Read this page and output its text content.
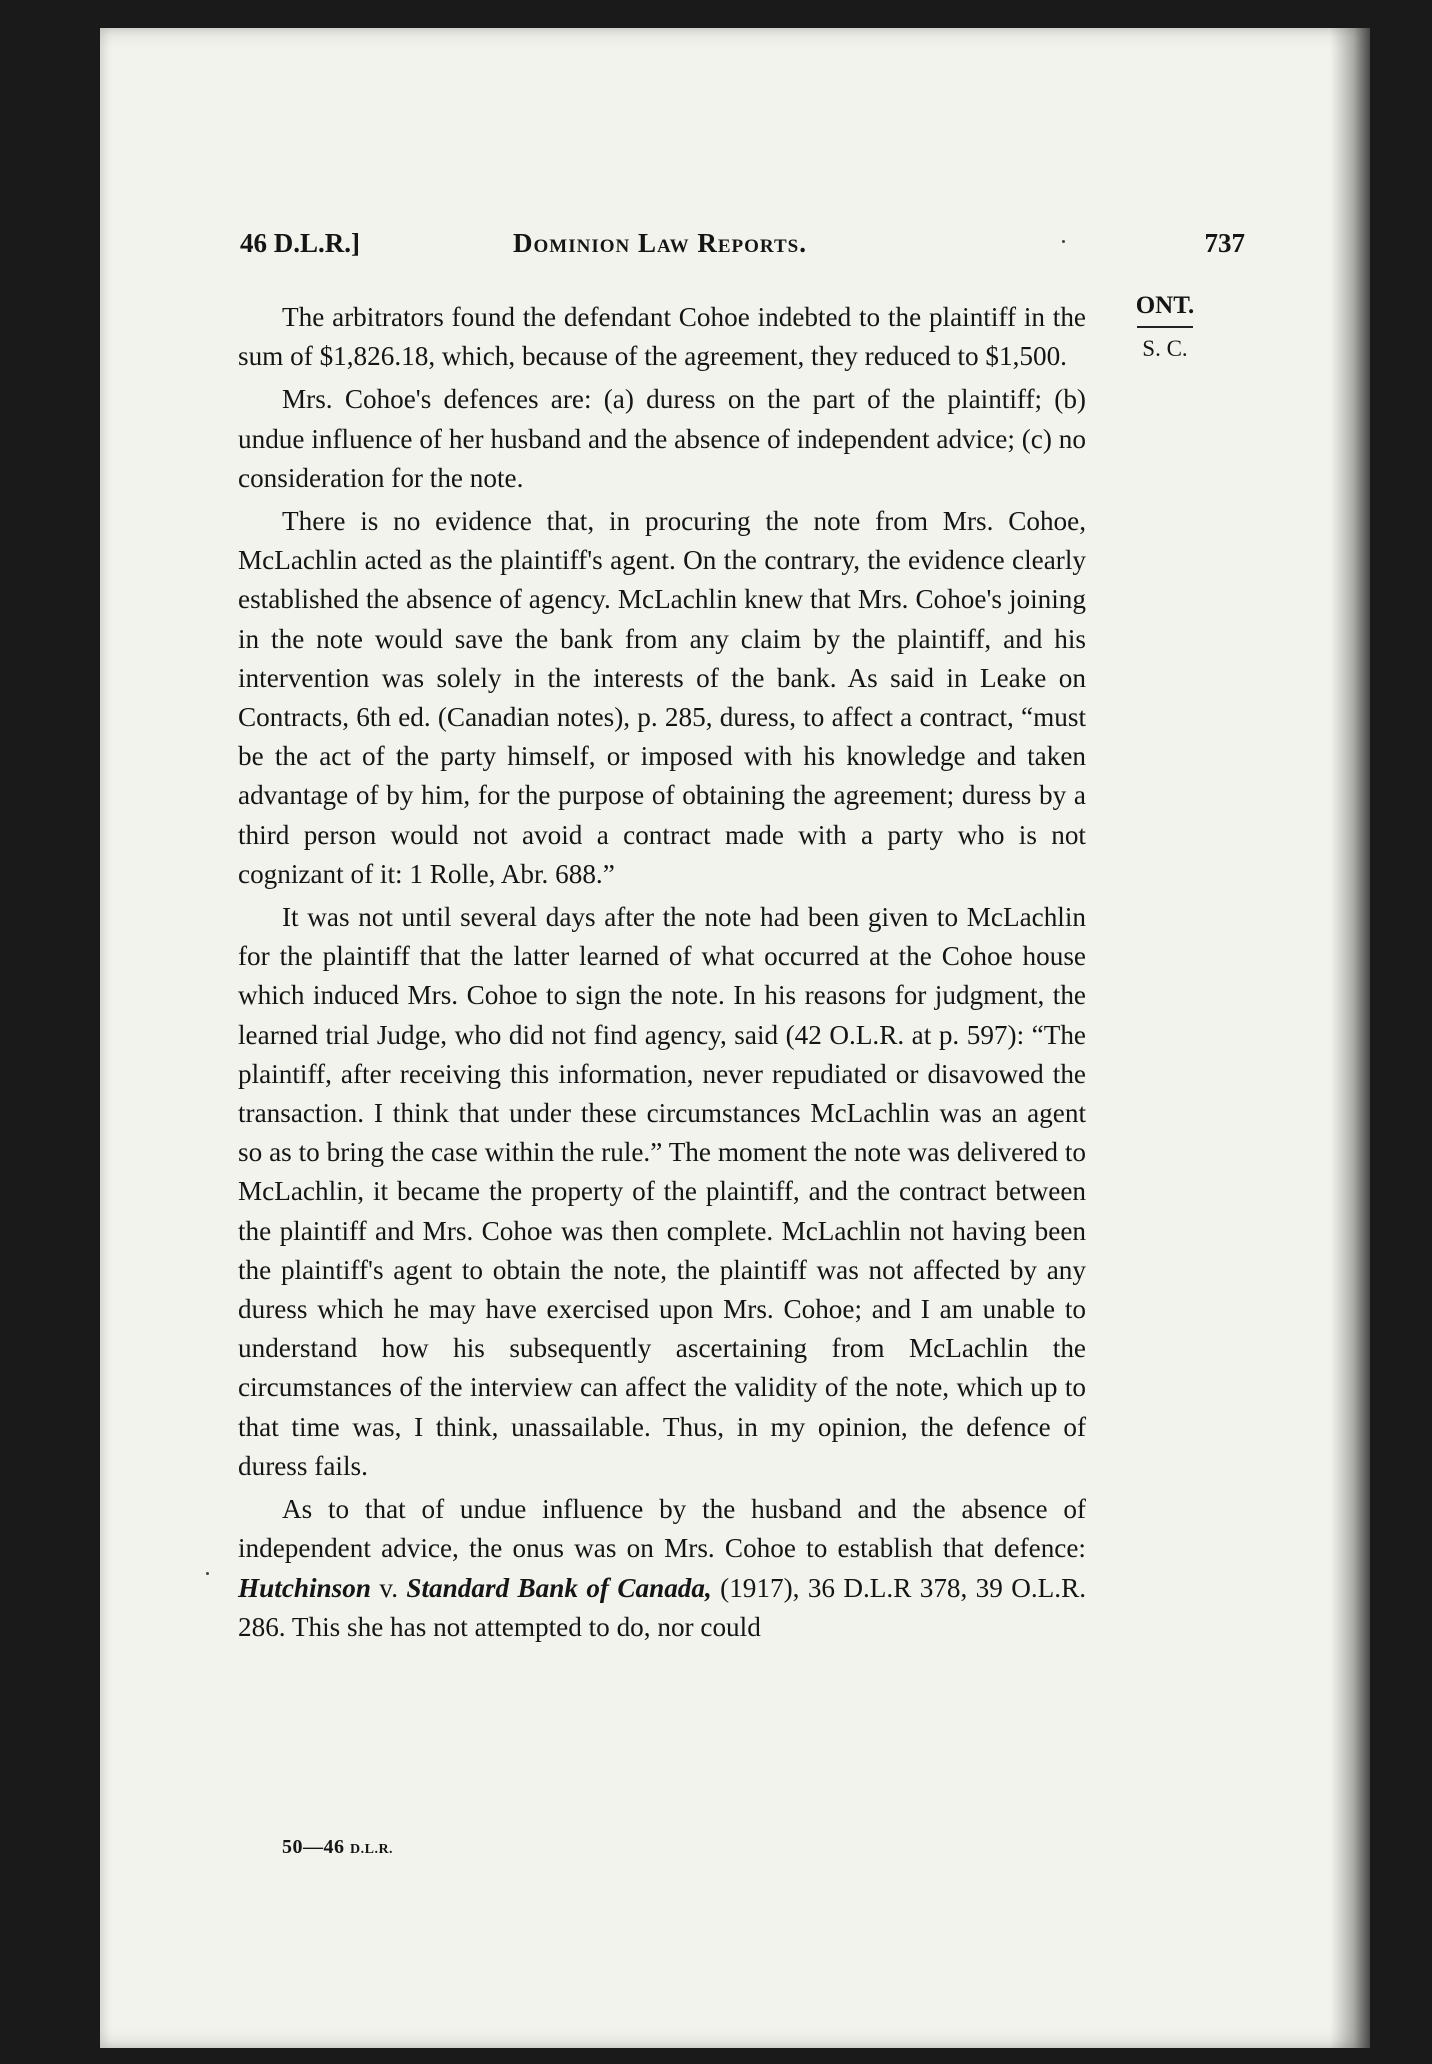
46 D.L.R.]	Dominion Law Reports.	737
ONT.
S. C.

The arbitrators found the defendant Cohoe indebted to the plaintiff in the sum of $1,826.18, which, because of the agreement, they reduced to $1,500.

Mrs. Cohoe's defences are: (a) duress on the part of the plaintiff; (b) undue influence of her husband and the absence of independent advice; (c) no consideration for the note.

There is no evidence that, in procuring the note from Mrs. Cohoe, McLachlin acted as the plaintiff's agent. On the contrary, the evidence clearly established the absence of agency. McLachlin knew that Mrs. Cohoe's joining in the note would save the bank from any claim by the plaintiff, and his intervention was solely in the interests of the bank. As said in Leake on Contracts, 6th ed. (Canadian notes), p. 285, duress, to affect a contract, “must be the act of the party himself, or imposed with his knowledge and taken advantage of by him, for the purpose of obtaining the agreement; duress by a third person would not avoid a contract made with a party who is not cognizant of it: 1 Rolle, Abr. 688.”

It was not until several days after the note had been given to McLachlin for the plaintiff that the latter learned of what occurred at the Cohoe house which induced Mrs. Cohoe to sign the note. In his reasons for judgment, the learned trial Judge, who did not find agency, said (42 O.L.R. at p. 597): “The plaintiff, after receiving this information, never repudiated or disavowed the transaction. I think that under these circumstances McLachlin was an agent so as to bring the case within the rule.” The moment the note was delivered to McLachlin, it became the property of the plaintiff, and the contract between the plaintiff and Mrs. Cohoe was then complete. McLachlin not having been the plaintiff's agent to obtain the note, the plaintiff was not affected by any duress which he may have exercised upon Mrs. Cohoe; and I am unable to understand how his subsequently ascertaining from McLachlin the circumstances of the interview can affect the validity of the note, which up to that time was, I think, unassailable. Thus, in my opinion, the defence of duress fails.

As to that of undue influence by the husband and the absence of independent advice, the onus was on Mrs. Cohoe to establish that defence: Hutchinson v. Standard Bank of Canada, (1917), 36 D.L.R 378, 39 O.L.R. 286. This she has not attempted to do, nor could

50—46 D.L.R.
